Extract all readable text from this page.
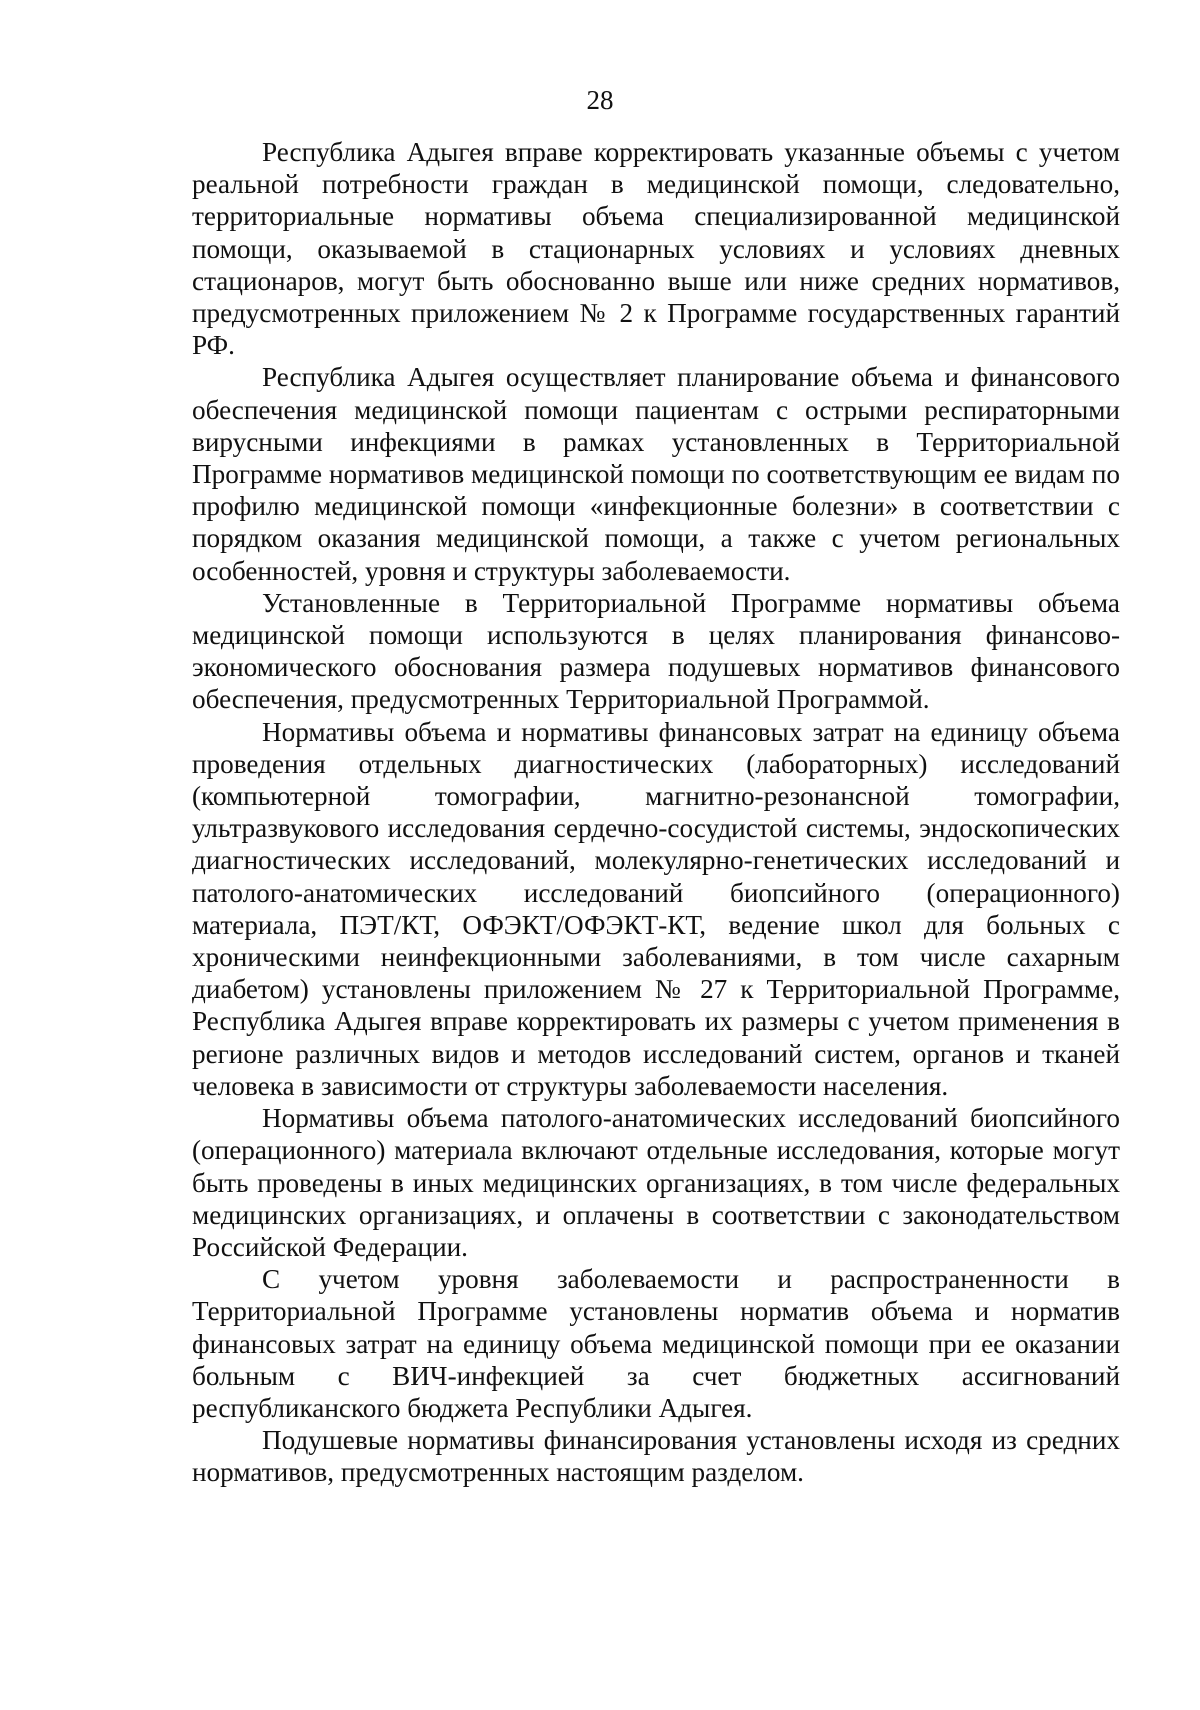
28

Республика Адыгея вправе корректировать указанные объемы с учетом реальной потребности граждан в медицинской помощи, следовательно, территориальные нормативы объема специализированной медицинской помощи, оказываемой в стационарных условиях и условиях дневных стационаров, могут быть обоснованно выше или ниже средних нормативов, предусмотренных приложением № 2 к Программе государственных гарантий РФ.

Республика Адыгея осуществляет планирование объема и финансового обеспечения медицинской помощи пациентам с острыми респираторными вирусными инфекциями в рамках установленных в Территориальной Программе нормативов медицинской помощи по соответствующим ее видам по профилю медицинской помощи «инфекционные болезни» в соответствии с порядком оказания медицинской помощи, а также с учетом региональных особенностей, уровня и структуры заболеваемости.

Установленные в Территориальной Программе нормативы объема медицинской помощи используются в целях планирования финансово-экономического обоснования размера подушевых нормативов финансового обеспечения, предусмотренных Территориальной Программой.

Нормативы объема и нормативы финансовых затрат на единицу объема проведения отдельных диагностических (лабораторных) исследований (компьютерной томографии, магнитно-резонансной томографии, ультразвукового исследования сердечно-сосудистой системы, эндоскопических диагностических исследований, молекулярно-генетических исследований и патолого-анатомических исследований биопсийного (операционного) материала, ПЭТ/КТ, ОФЭКТ/ОФЭКТ-КТ, ведение школ для больных с хроническими неинфекционными заболеваниями, в том числе сахарным диабетом) установлены приложением № 27 к Территориальной Программе, Республика Адыгея вправе корректировать их размеры с учетом применения в регионе различных видов и методов исследований систем, органов и тканей человека в зависимости от структуры заболеваемости населения.

Нормативы объема патолого-анатомических исследований биопсийного (операционного) материала включают отдельные исследования, которые могут быть проведены в иных медицинских организациях, в том числе федеральных медицинских организациях, и оплачены в соответствии с законодательством Российской Федерации.

С учетом уровня заболеваемости и распространенности в Территориальной Программе установлены норматив объема и норматив финансовых затрат на единицу объема медицинской помощи при ее оказании больным с ВИЧ-инфекцией за счет бюджетных ассигнований республиканского бюджета Республики Адыгея.

Подушевые нормативы финансирования установлены исходя из средних нормативов, предусмотренных настоящим разделом.
